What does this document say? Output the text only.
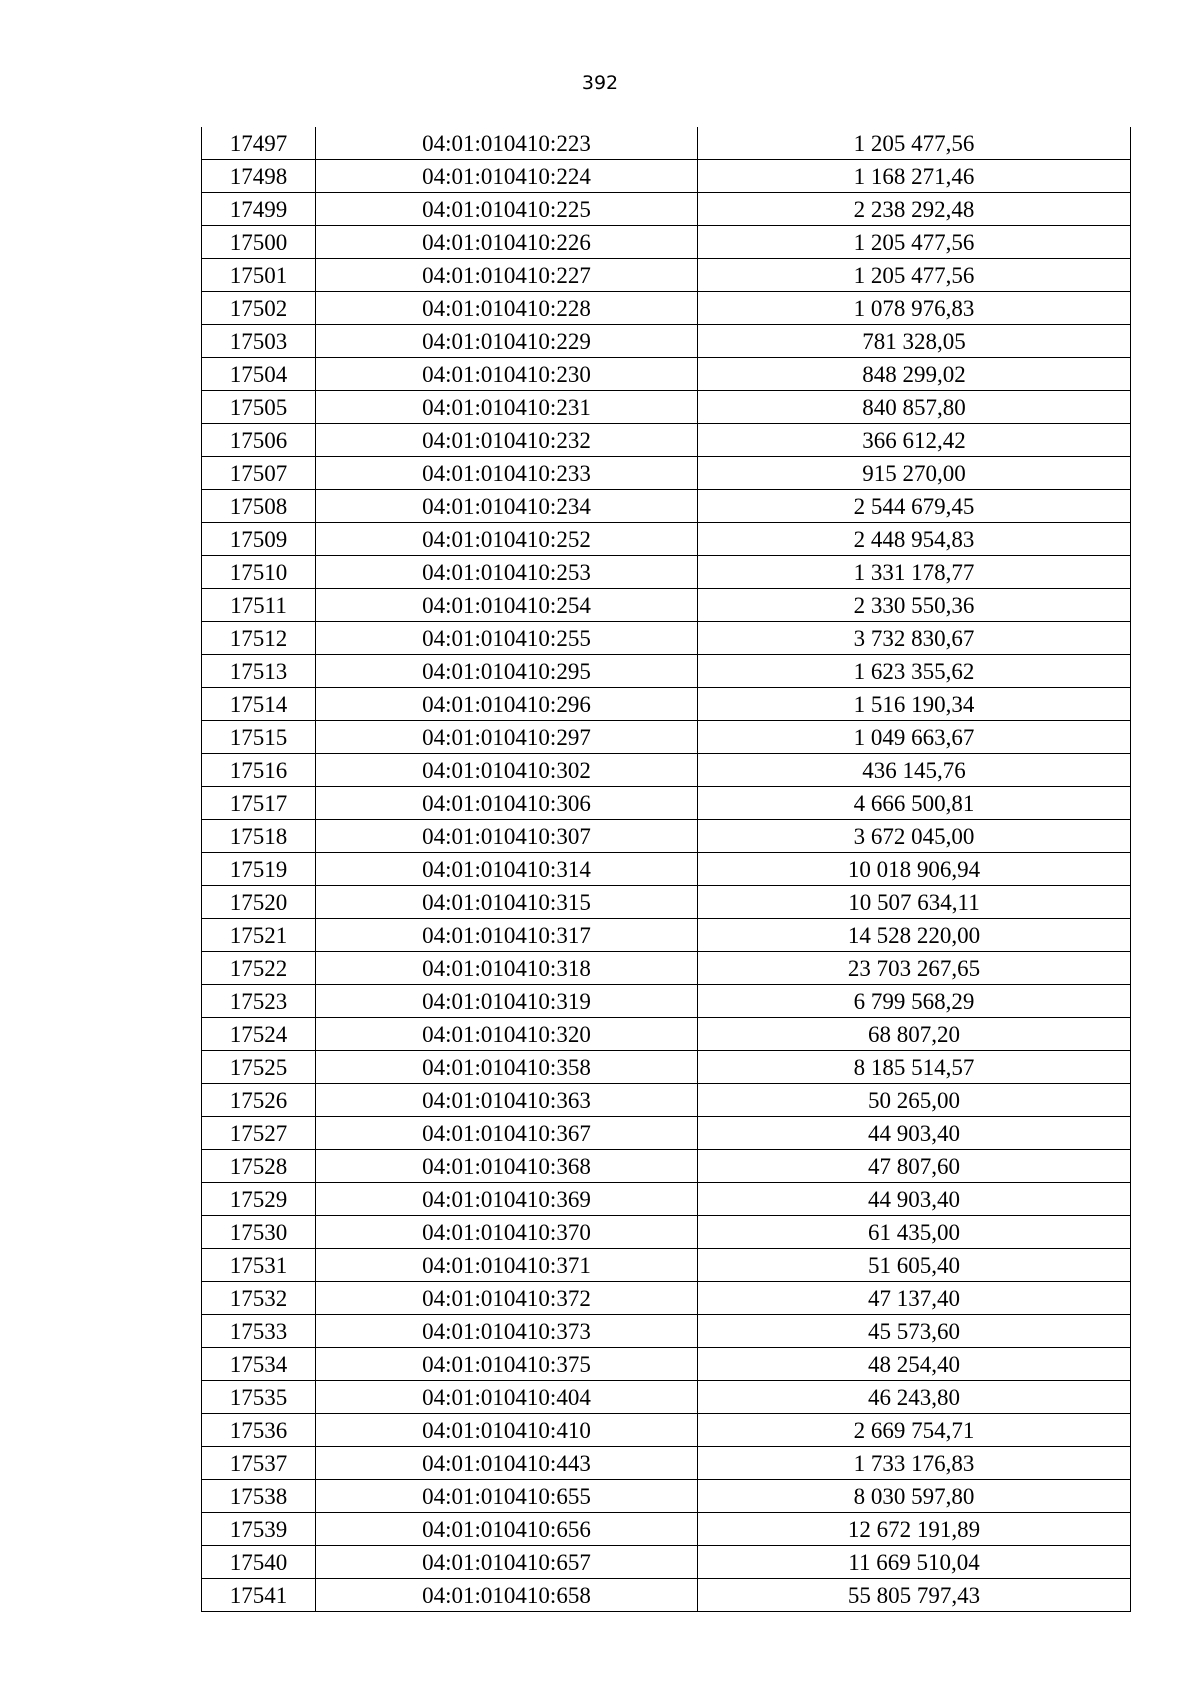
392
17497	04:01:010410:223	1 205 477,56
17498	04:01:010410:224	1 168 271,46
17499	04:01:010410:225	2 238 292,48
17500	04:01:010410:226	1 205 477,56
17501	04:01:010410:227	1 205 477,56
17502	04:01:010410:228	1 078 976,83
17503	04:01:010410:229	781 328,05
17504	04:01:010410:230	848 299,02
17505	04:01:010410:231	840 857,80
17506	04:01:010410:232	366 612,42
17507	04:01:010410:233	915 270,00
17508	04:01:010410:234	2 544 679,45
17509	04:01:010410:252	2 448 954,83
17510	04:01:010410:253	1 331 178,77
17511	04:01:010410:254	2 330 550,36
17512	04:01:010410:255	3 732 830,67
17513	04:01:010410:295	1 623 355,62
17514	04:01:010410:296	1 516 190,34
17515	04:01:010410:297	1 049 663,67
17516	04:01:010410:302	436 145,76
17517	04:01:010410:306	4 666 500,81
17518	04:01:010410:307	3 672 045,00
17519	04:01:010410:314	10 018 906,94
17520	04:01:010410:315	10 507 634,11
17521	04:01:010410:317	14 528 220,00
17522	04:01:010410:318	23 703 267,65
17523	04:01:010410:319	6 799 568,29
17524	04:01:010410:320	68 807,20
17525	04:01:010410:358	8 185 514,57
17526	04:01:010410:363	50 265,00
17527	04:01:010410:367	44 903,40
17528	04:01:010410:368	47 807,60
17529	04:01:010410:369	44 903,40
17530	04:01:010410:370	61 435,00
17531	04:01:010410:371	51 605,40
17532	04:01:010410:372	47 137,40
17533	04:01:010410:373	45 573,60
17534	04:01:010410:375	48 254,40
17535	04:01:010410:404	46 243,80
17536	04:01:010410:410	2 669 754,71
17537	04:01:010410:443	1 733 176,83
17538	04:01:010410:655	8 030 597,80
17539	04:01:010410:656	12 672 191,89
17540	04:01:010410:657	11 669 510,04
17541	04:01:010410:658	55 805 797,43
